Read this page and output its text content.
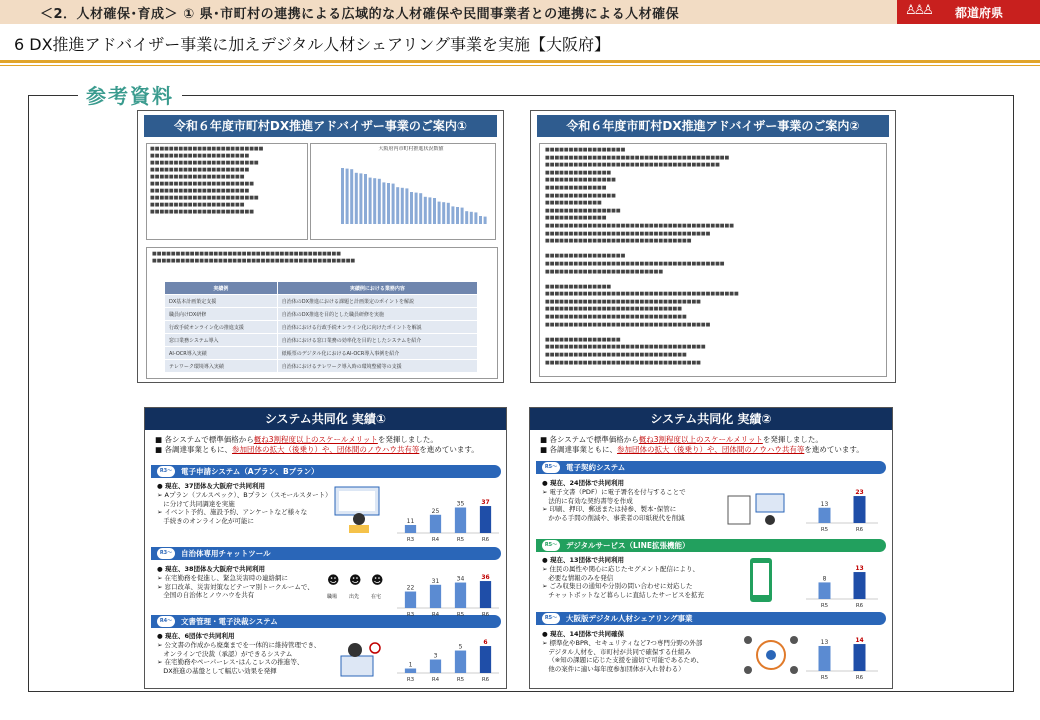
＜2．人材確保･育成＞ ① 県･市町村の連携による広域的な人材確保や民間事業者との連携による人材確保	♙♙♙ 都道府県
6 DX推進アドバイザー事業に加えデジタル人材シェアリング事業を実施【大阪府】
参考資料
令和６年度市町村DX推進アドバイザー事業のご案内①
■■■■■■■■■■■■■■■■■■■■■■■■
■■■■■■■■■■■■■■■■■■■■■
■■■■■■■■■■■■■■■■■■■■■■■
■■■■■■■■■■■■■■■■■■■■■
■■■■■■■■■■■■■■■■■■■■
■■■■■■■■■■■■■■■■■■■■■■
■■■■■■■■■■■■■■■■■■■■■
■■■■■■■■■■■■■■■■■■■■■■■
■■■■■■■■■■■■■■■■■■■■
■■■■■■■■■■■■■■■■■■■■■■
大阪府内市町村推進状況数値
■■■■■■■■■■■■■■■■■■■■■■■■■■■■■■■■■■■■■■■■
■■■■■■■■■■■■■■■■■■■■■■■■■■■■■■■■■■■■■■■■■■■
実績例	実績例における業務内容
DX基本計画策定支援	自治体のDX推進における課題と計画策定のポイントを解説
職員向けDX研修	自治体のDX推進を目的とした職員研修を実施
行政手続オンライン化の推進支援	自治体における行政手続オンライン化に向けたポイントを解説
窓口業務システム導入	自治体における窓口業務の効率化を目的としたシステムを紹介
AI-OCR導入実績	紙帳票のデジタル化におけるAI-OCR導入事例を紹介
テレワーク環境導入実績	自治体におけるテレワーク導入時の環境整備等の支援
令和６年度市町村DX推進アドバイザー事業のご案内②
■■■■■■■■■■■■■■■■■
■■■■■■■■■■■■■■■■■■■■■■■■■■■■■■■■■■■■■■■
■■■■■■■■■■■■■■■■■■■■■■■■■■■■■■■■■■■■■
■■■■■■■■■■■■■■
■■■■■■■■■■■■■■■
■■■■■■■■■■■■■
■■■■■■■■■■■■■■■
■■■■■■■■■■■■
■■■■■■■■■■■■■■■■
■■■■■■■■■■■■■
■■■■■■■■■■■■■■■■■■■■■■■■■■■■■■■■■■■■■■■■
■■■■■■■■■■■■■■■■■■■■■■■■■■■■■■■■■■■
■■■■■■■■■■■■■■■■■■■■■■■■■■■■■■■

■■■■■■■■■■■■■■■■■
■■■■■■■■■■■■■■■■■■■■■■■■■■■■■■■■■■■■■■
■■■■■■■■■■■■■■■■■■■■■■■■■

■■■■■■■■■■■■■■
■■■■■■■■■■■■■■■■■■■■■■■■■■■■■■■■■■■■■■■■■
■■■■■■■■■■■■■■■■■■■■■■■■■■■■■■■■■
■■■■■■■■■■■■■■■■■■■■■■■■■■■■■
■■■■■■■■■■■■■■■■■■■■■■■■■■■■■■
■■■■■■■■■■■■■■■■■■■■■■■■■■■■■■■■■■■

■■■■■■■■■■■■■■■■
■■■■■■■■■■■■■■■■■■■■■■■■■■■■■■■■■■
■■■■■■■■■■■■■■■■■■■■■■■■■■■■■■
■■■■■■■■■■■■■■■■■■■■■■■■■■■■■■■■■
システム共同化 実績①
■ 各システムで標準価格から概ね3割程度以上のスケールメリットを発揮しました。
■ 各調達事業ともに、参加団体の拡大（後乗り）や、団体間のノウハウ共有等を進めています。
R3〜	電子申請システム（Aプラン、Bプラン）
● 現在、37団体＆大阪府で共同利用
➢ Aプラン（フルスペック）、Bプラン（スモールスタート）
に分けて共同調達を実施
➢ イベント予約、施設予約、アンケートなど様々な
手続きのオンライン化が可能に
R3〜	自治体専用チャットツール
● 現在、38団体＆大阪府で共同利用
➢ 在宅勤務を促進し、緊急災害時の連絡網に
➢ 窓口改革、災害対策などテーマ別トークルームで、
全国の自治体とノウハウを共有
☻ ☻ ☻
職場 出先 在宅
R4〜	文書管理・電子決裁システム
● 現在、6団体で共同利用
➢ 公文書の作成から廃棄までを一体的に維持管理でき、
オンラインで決裁（承認）ができるシステム
➢ 在宅勤務やペーパーレス･はんこレスの推進等、
DX推進の基盤として幅広い効果を発揮
11
R3
25
R4
35
R5
37
R6
22
R3
31
R4
34
R5
36
R6
1
R3
3
R4
5
R5
6
R6
システム共同化 実績②
■ 各システムで標準価格から概ね3割程度以上のスケールメリットを発揮しました。
■ 各調達事業ともに、参加団体の拡大（後乗り）や、団体間のノウハウ共有等を進めています。
R5〜	電子契約システム
● 現在、24団体で共同利用
➢ 電子文書（PDF）に電子署名を付与することで
法的に有効な契約書等を作成
➢ 印刷、押印、郵送または持参、製本･保管に
かかる手間の削減や、事業者の印紙税代を削減
R5〜	デジタルサービス（LINE拡張機能）
● 現在、13団体で共同利用
➢ 住民の属性や関心に応じたセグメント配信により、
必要な情報のみを発信
➢ ごみ収集日の通知や分別の問い合わせに対応した
チャットボットなど暮らしに直結したサービスを拡充
R5〜	大阪版デジタル人材シェアリング事業
● 現在、14団体で共同確保
➢ 標準化やBPR、セキュリティなど7つ専門分野の外部
デジタル人材を、市町村が共同で確保する仕組み
（※知の課題に応じた支援を適切で可能であるため、
他の案件に適い毎年度参加団体が入れ替わる）
13
R5
23
R6
8
R5
13
R6
13
R5
14
R6
